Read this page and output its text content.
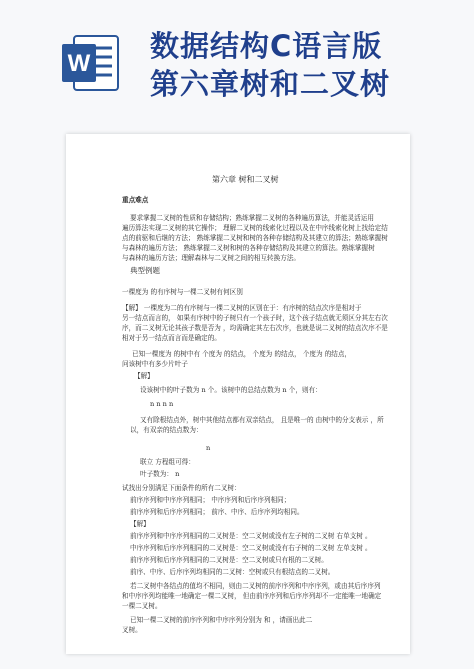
W
数据结构C语言版
第六章树和二叉树
第六章 树和二叉树
重点难点
要求掌握二叉树的性质和存储结构；熟练掌握二叉树的各种遍历算法，并能灵活运用
遍历算法实现二叉树的其它操作； 理解二叉树的线索化过程以及在中序线索化树上找给定结
点的前驱和后继的方法； 熟练掌握二叉树和树的各种存储结构及其建立的算法；熟练掌握树
与森林的遍历方法； 熟练掌握二叉树和树的各种存储结构及其建立的算法。熟练掌握树
与森林的遍历方法；理解森林与二叉树之间的相互转换方法。
典型例题
一棵度为 的有序树与一棵二叉树有何区别
【解】 一棵度为二的有序树与一棵二叉树的区别在于：有序树的结点次序是相对于
另一结点而言的， 如果有序树中的子树只有一个孩子时，这个孩子结点就无须区分其左右次
序，而二叉树无论其孩子数是否为 ，均需确定其左右次序，也就是说二叉树的结点次序不是
相对于另一结点而言而是确定的。
已知一棵度为 的树中有 个度为 的结点， 个度为 的结点， 个度为 的结点，
问该树中有多少片叶子
【解】
设该树中的叶子数为 n 个。该树中的总结点数为 n 个，则有：
n n n n
又有除根结点外，树中其他结点都有双亲结点， 且是唯一的 由树中的分支表示 ，所
以，有双亲的结点数为：
n
联立 方程组可得：
叶子数为： n
试找出分别满足下面条件的所有二叉树：
前序序列和中序序列相同； 中序序列和后序序列相同；
前序序列和后序序列相同； 前序、中序、后序序列均相同。
【解】
前序序列和中序序列相同的二叉树是：空二叉树或没有左子树的二叉树 右单支树 。
中序序列和后序序列相同的二叉树是：空二叉树或没有右子树的二叉树 左单支树 。
前序序列和后序序列相同的二叉树是：空二叉树或只有根的二叉树。
前序、中序、后序序列均相同的二叉树：空树或只有根结点的二叉树。
若二叉树中各结点的值均不相同，则由二叉树的前序序列和中序序列，或由其后序序列
和中序序列均能唯一地确定一棵二叉树， 但由前序序列和后序序列却不一定能唯一地确定
一棵二叉树。
已知一棵二叉树的前序序列和中序序列分别为 和 ，请画出此二
叉树。
